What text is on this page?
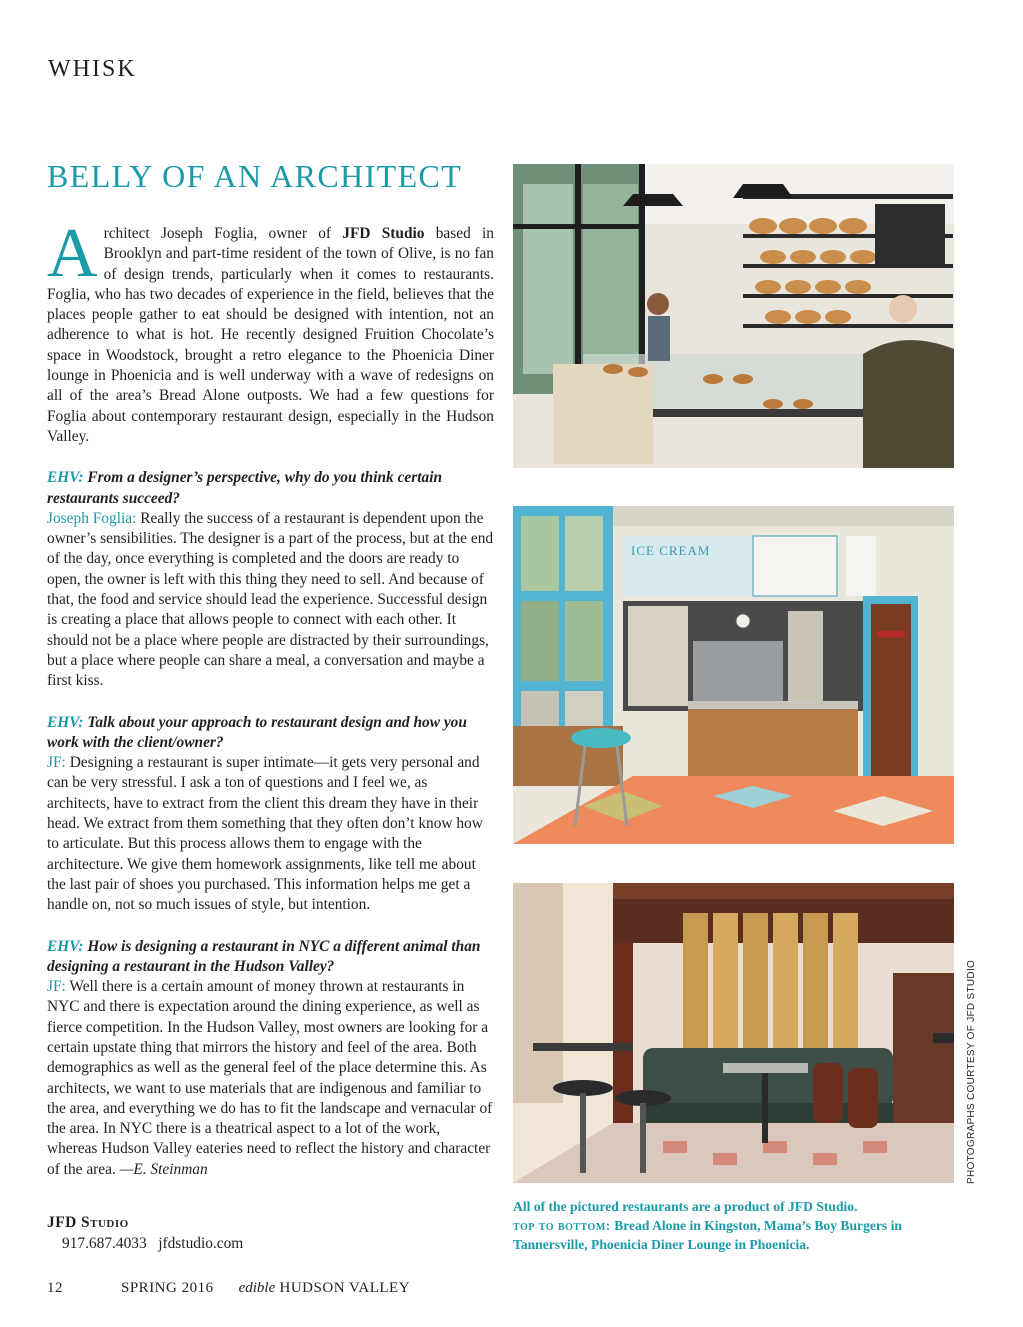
WHISK
BELLY OF AN ARCHITECT

Architect Joseph Foglia, owner of JFD Studio based in Brooklyn and part-time resident of the town of Olive, is no fan of design trends, particularly when it comes to restaurants. Foglia, who has two decades of experience in the field, believes that the places people gather to eat should be designed with intention, not an adherence to what is hot. He recently designed Fruition Chocolate’s space in Woodstock, brought a retro elegance to the Phoenicia Diner lounge in Phoenicia and is well underway with a wave of redesigns on all of the area’s Bread Alone outposts. We had a few questions for Foglia about contemporary restaurant design, especially in the Hudson Valley.

EHV: From a designer’s perspective, why do you think certain restaurants succeed?

Joseph Foglia: Really the success of a restaurant is dependent upon the owner’s sensibilities. The designer is a part of the process, but at the end of the day, once everything is completed and the doors are ready to open, the owner is left with this thing they need to sell. And because of that, the food and service should lead the experience. Successful design is creating a place that allows people to connect with each other. It should not be a place where people are distracted by their surroundings, but a place where people can share a meal, a conversation and maybe a first kiss.

EHV: Talk about your approach to restaurant design and how you work with the client/owner?

JF: Designing a restaurant is super intimate—it gets very personal and can be very stressful. I ask a ton of questions and I feel we, as architects, have to extract from the client this dream they have in their head. We extract from them something that they often don’t know how to articulate. But this process allows them to engage with the architecture. We give them homework assignments, like tell me about the last pair of shoes you purchased. This information helps me get a handle on, not so much issues of style, but intention.

EHV: How is designing a restaurant in NYC a different animal than designing a restaurant in the Hudson Valley?

JF: Well there is a certain amount of money thrown at restaurants in NYC and there is expectation around the dining experience, as well as fierce competition. In the Hudson Valley, most owners are looking for a certain upstate thing that mirrors the history and feel of the area. Both demographics as well as the general feel of the place determine this. As architects, we want to use materials that are indigenous and familiar to the area, and everything we do has to fit the landscape and vernacular of the area. In NYC there is a theatrical aspect to a lot of the work, whereas Hudson Valley eateries need to reflect the history and character of the area. —E. Steinman

JFD Studio
917.687.4033 jfdstudio.com
12	SPRING 2016 edible HUDSON VALLEY
ICE CREAM
PHOTOGRAPHS COURTESY OF JFD STUDIO
All of the pictured restaurants are a product of JFD Studio.
top to bottom: Bread Alone in Kingston, Mama’s Boy Burgers in Tannersville, Phoenicia Diner Lounge in Phoenicia.
